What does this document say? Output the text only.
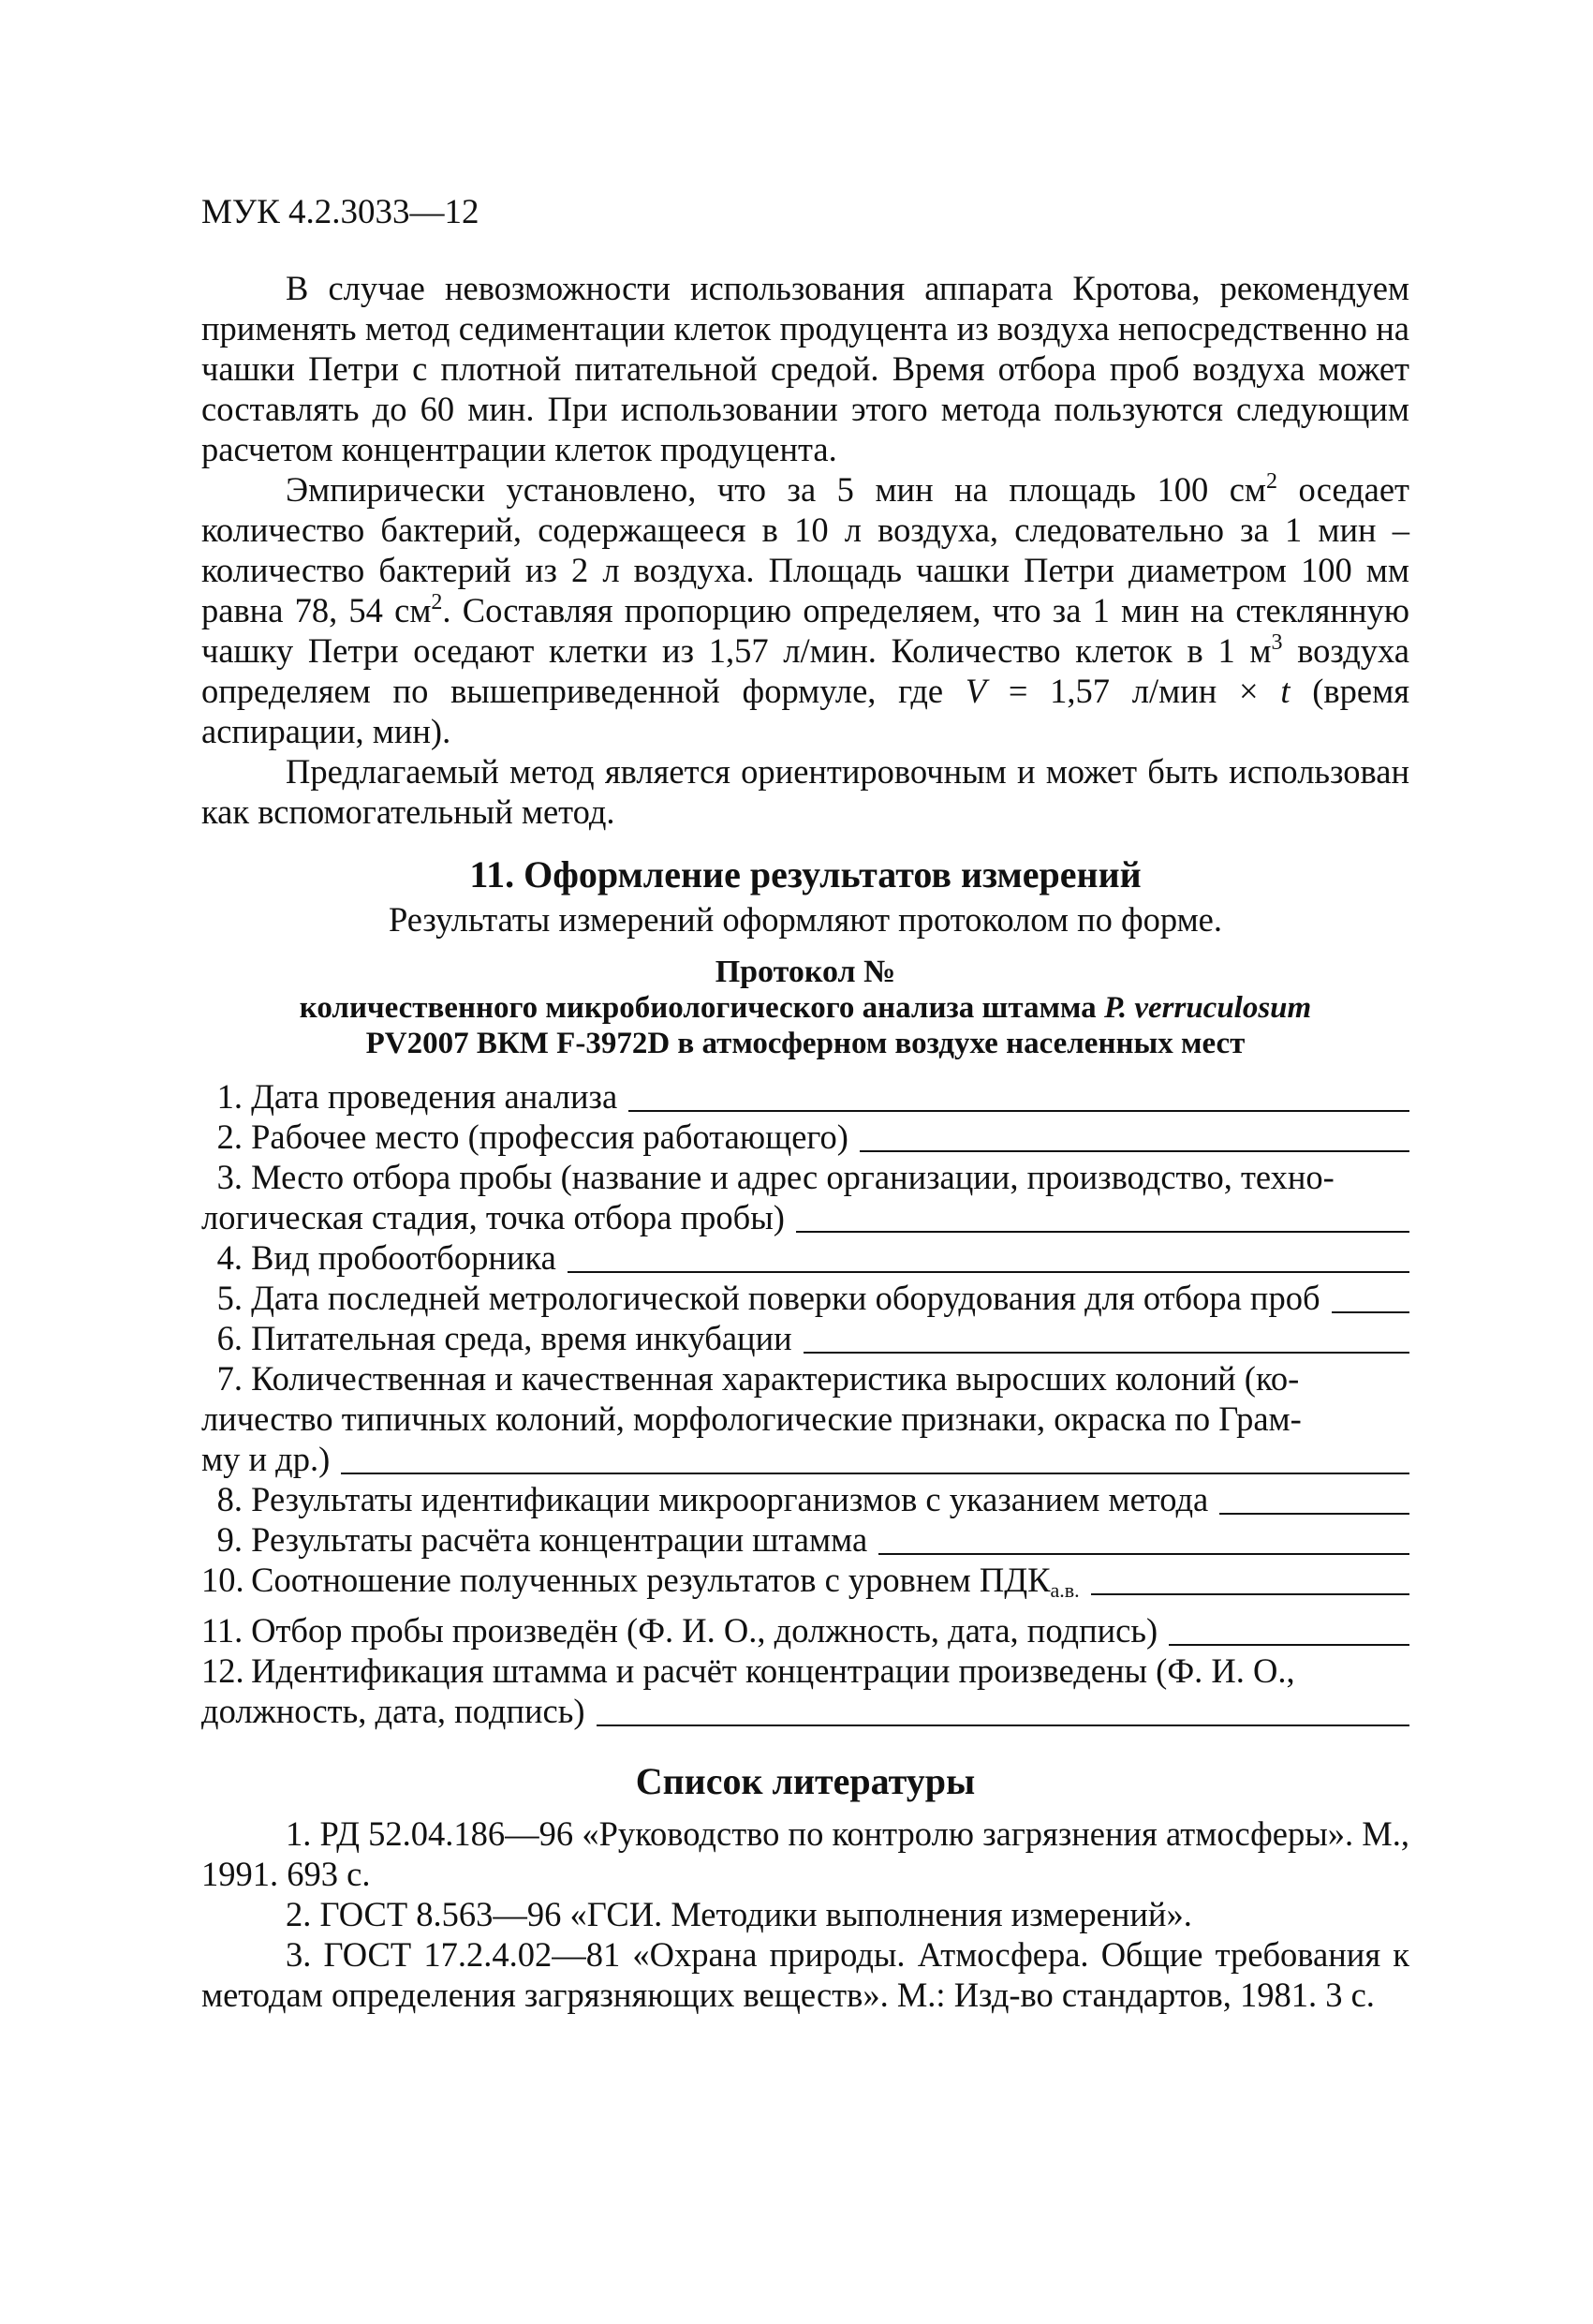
МУК 4.2.3033—12

В случае невозможности использования аппарата Кротова, рекомендуем применять метод седиментации клеток продуцента из воздуха непосредственно на чашки Петри с плотной питательной средой. Время отбора проб воздуха может составлять до 60 мин. При использовании этого метода пользуются следующим расчетом концентрации клеток продуцента.

Эмпирически установлено, что за 5 мин на площадь 100 $см^2$ оседает количество бактерий, содержащееся в 10 л воздуха, следовательно за 1 мин – количество бактерий из 2 л воздуха. Площадь чашки Петри диаметром 100 мм равна 78, 54 $см^2$. Составляя пропорцию определяем, что за 1 мин на стеклянную чашку Петри оседают клетки из 1,57 л/мин. Количество клеток в 1 $м^3$ воздуха определяем по вышеприведенной формуле, где V = 1,57 л/мин × t (время аспирации, мин).

Предлагаемый метод является ориентировочным и может быть использован как вспомогательный метод.

11. Оформление результатов измерений
Результаты измерений оформляют протоколом по форме.
Протокол №
количественного микробиологического анализа штамма P. verruculosum
PV2007 ВКМ F-3972D в атмосферном воздухе населенных мест
1. Дата проведения анализа
2. Рабочее место (профессия работающего)
3. Место отбора пробы (название и адрес организации, производство, техно-
логическая стадия, точка отбора пробы)
4. Вид пробоотборника
5. Дата последней метрологической поверки оборудования для отбора проб
6. Питательная среда, время инкубации
7. Количественная и качественная характеристика выросших колоний (ко-
личество типичных колоний, морфологические признаки, окраска по Грам-
му и др.)
8. Результаты идентификации микроорганизмов с указанием метода
9. Результаты расчёта концентрации штамма
10. Соотношение полученных результатов с уровнем ПДКа.в.
11. Отбор пробы произведён (Ф. И. О., должность, дата, подпись)
12. Идентификация штамма и расчёт концентрации произведены (Ф. И. О.,
должность, дата, подпись)
Список литературы

1. РД 52.04.186—96 «Руководство по контролю загрязнения атмосферы». М., 1991. 693 с.

2. ГОСТ 8.563—96 «ГСИ. Методики выполнения измерений».

3. ГОСТ 17.2.4.02—81 «Охрана природы. Атмосфера. Общие требования к методам определения загрязняющих веществ». М.: Изд-во стандартов, 1981. 3 с.
